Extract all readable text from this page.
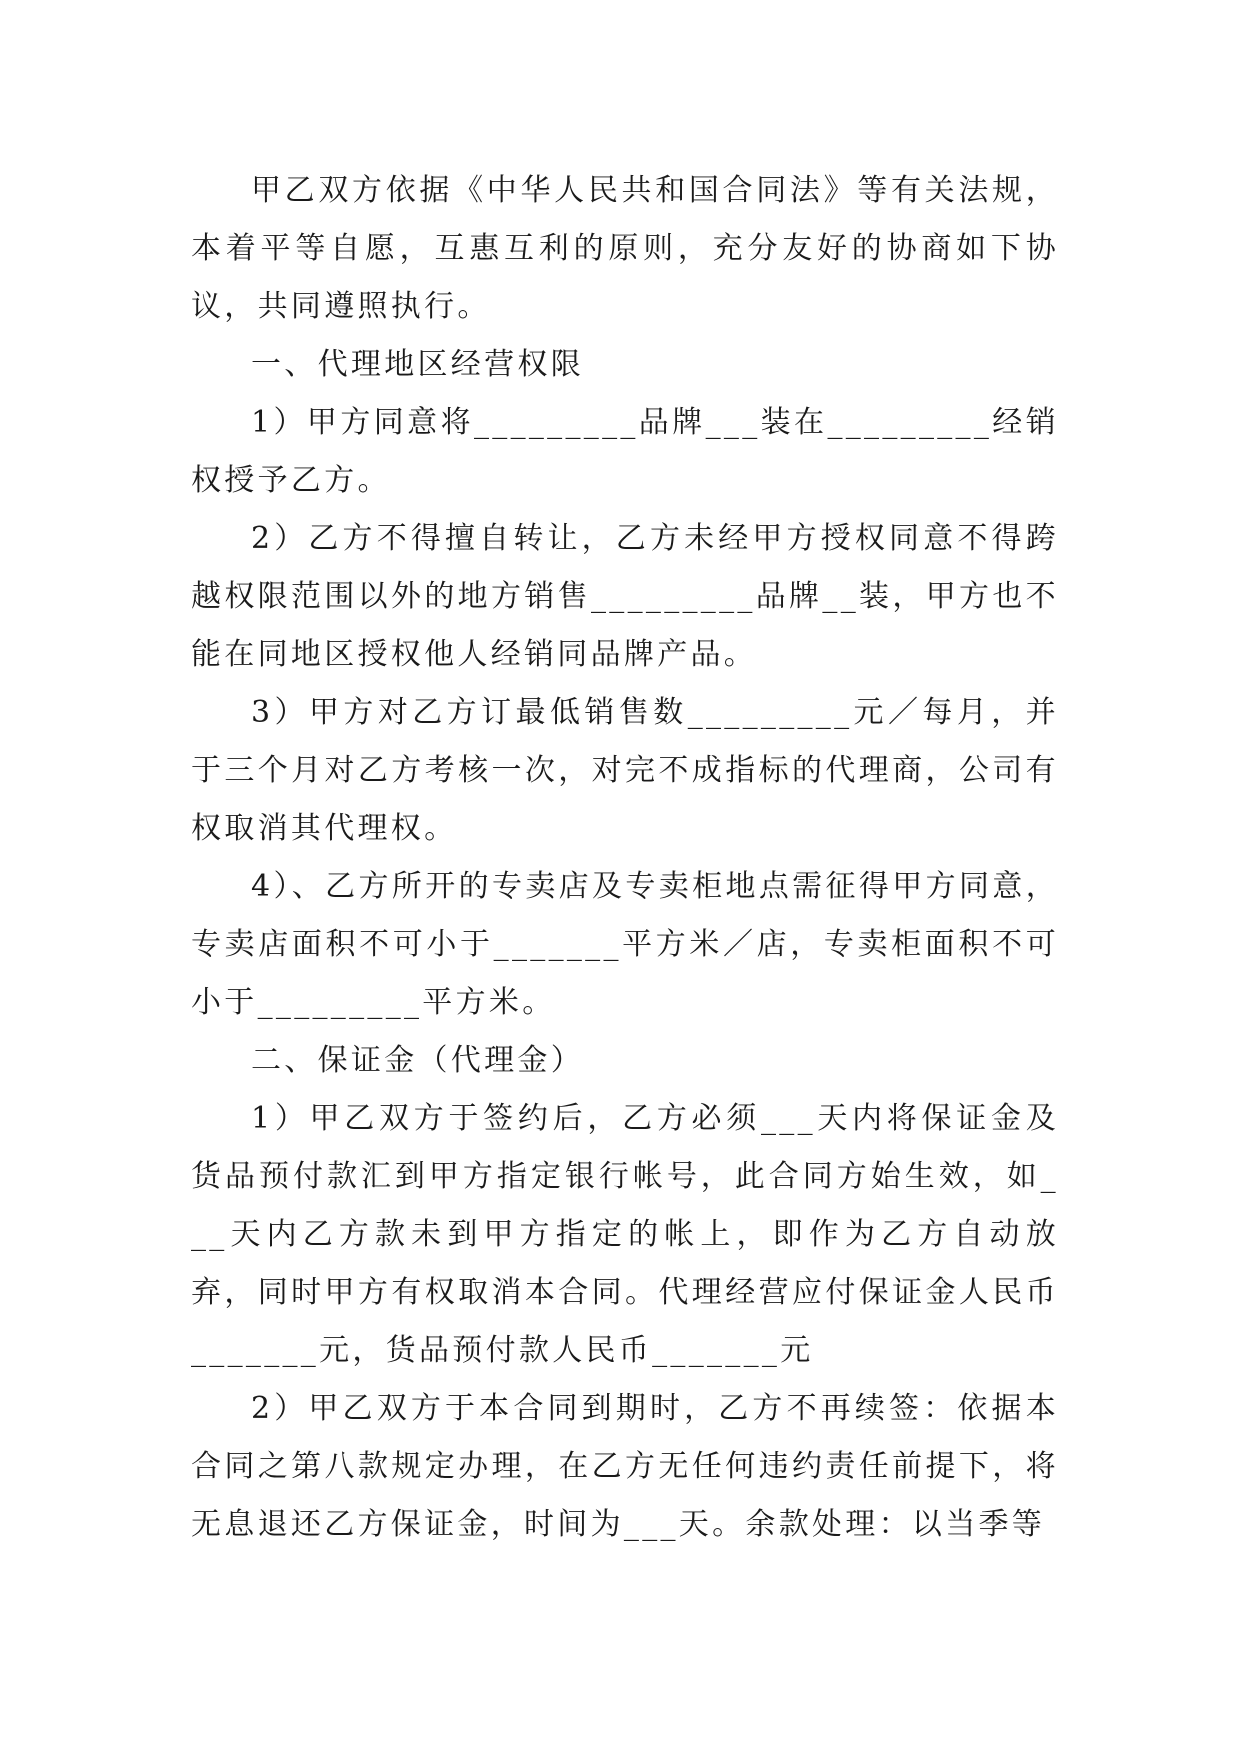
甲乙双方依据《中华人民共和国合同法》等有关法规，本着平等自愿，互惠互利的原则，充分友好的协商如下协议，共同遵照执行。

一、代理地区经营权限

1）甲方同意将_________品牌___装在_________经销权授予乙方。

2）乙方不得擅自转让，乙方未经甲方授权同意不得跨越权限范围以外的地方销售_________品牌__装，甲方也不能在同地区授权他人经销同品牌产品。

3）甲方对乙方订最低销售数_________元／每月，并于三个月对乙方考核一次，对完不成指标的代理商，公司有权取消其代理权。

4）、乙方所开的专卖店及专卖柜地点需征得甲方同意，专卖店面积不可小于_______平方米／店，专卖柜面积不可小于_________平方米。

二、保证金（代理金）

1）甲乙双方于签约后，乙方必须___天内将保证金及货品预付款汇到甲方指定银行帐号，此合同方始生效，如___天内乙方款未到甲方指定的帐上，即作为乙方自动放弃，同时甲方有权取消本合同。代理经营应付保证金人民币_______元，货品预付款人民币_______元

2）甲乙双方于本合同到期时，乙方不再续签：依据本合同之第八款规定办理，在乙方无任何违约责任前提下，将无息退还乙方保证金，时间为___天。余款处理：以当季等
